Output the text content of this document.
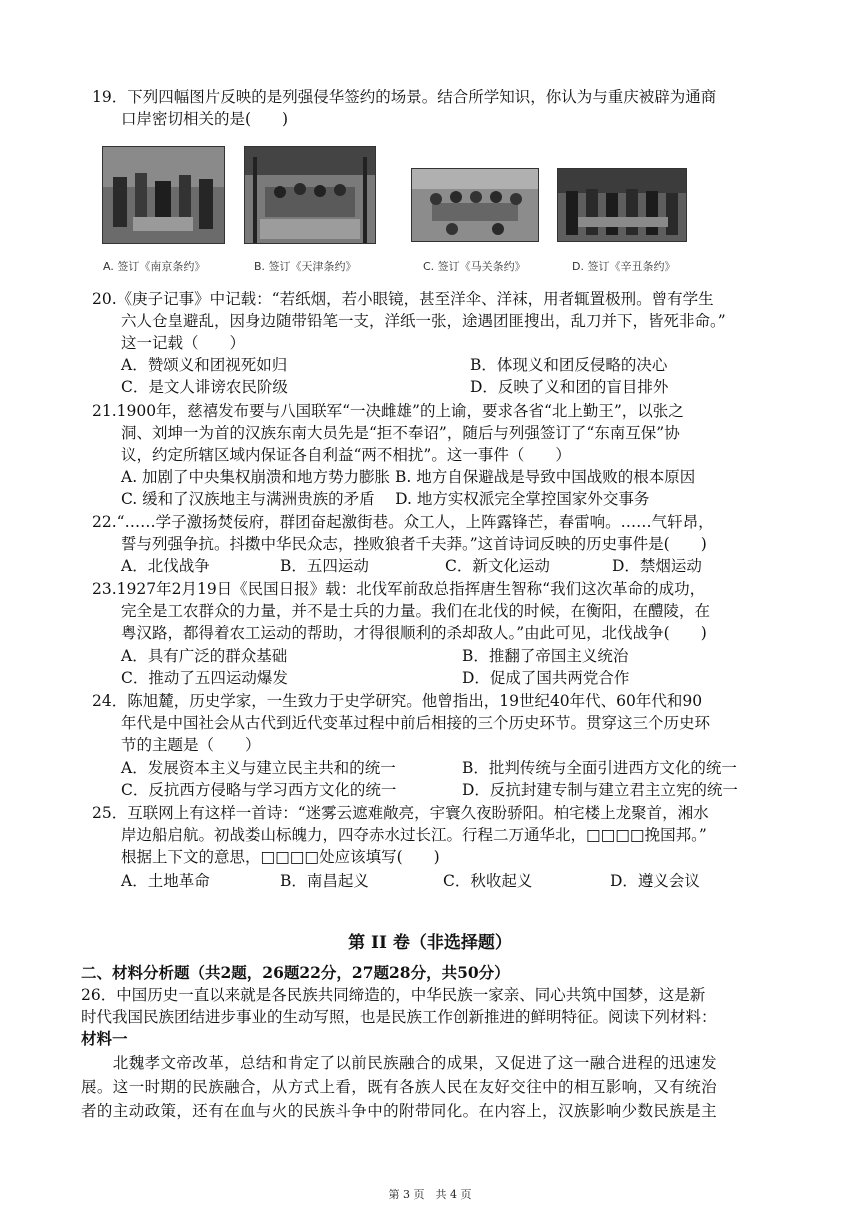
19．下列四幅图片反映的是列强侵华签约的场景。结合所学知识，你认为与重庆被辟为通商
口岸密切相关的是(　　)
A. 签订《南京条约》	B. 签订《天津条约》	C. 签订《马关条约》	D. 签订《辛丑条约》
20.《庚子记事》中记载：“若纸烟，若小眼镜，甚至洋伞、洋袜，用者辄置极刑。曾有学生
六人仓皇避乱，因身边随带铅笔一支，洋纸一张，途遇团匪搜出，乱刀并下，皆死非命。”
这一记载（　　）
A．赞颂义和团视死如归	B．体现义和团反侵略的决心
C．是文人诽谤农民阶级	D．反映了义和团的盲目排外
21.1900年，慈禧发布要与八国联军“一决雌雄”的上谕，要求各省“北上勤王”，以张之
洞、刘坤一为首的汉族东南大员先是“拒不奉诏”，随后与列强签订了“东南互保”协
议，约定所辖区域内保证各自利益“两不相扰”。这一事件（　　）
A. 加剧了中央集权崩溃和地方势力膨胀 B. 地方自保避战是导致中国战败的根本原因
C. 缓和了汉族地主与满洲贵族的矛盾　 D. 地方实权派完全掌控国家外交事务
22.“……学子激扬焚佞府，群团奋起激街巷。众工人，上阵露锋芒，春雷响。……气轩昂，
誓与列强争抗。抖擞中华民众志，挫败狼者千夫莽。”这首诗词反映的历史事件是(　　)
A．北伐战争	B．五四运动	C．新文化运动	D．禁烟运动
23.1927年2月19日《民国日报》载：北伐军前敌总指挥唐生智称“我们这次革命的成功，
完全是工农群众的力量，并不是士兵的力量。我们在北伐的时候，在衡阳，在醴陵，在
粤汉路，都得着农工运动的帮助，才得很顺利的杀却敌人。”由此可见，北伐战争(　　)
A．具有广泛的群众基础	B．推翻了帝国主义统治
C．推动了五四运动爆发	D．促成了国共两党合作
24．陈旭麓，历史学家，一生致力于史学研究。他曾指出，19世纪40年代、60年代和90
年代是中国社会从古代到近代变革过程中前后相接的三个历史环节。贯穿这三个历史环
节的主题是（　　）
A．发展资本主义与建立民主共和的统一	B．批判传统与全面引进西方文化的统一
C．反抗西方侵略与学习西方文化的统一	D．反抗封建专制与建立君主立宪的统一
25．互联网上有这样一首诗：“迷雾云遮难敞亮，宇寰久夜盼骄阳。柏宅楼上龙聚首，湘水
岸边船启航。初战娄山标魄力，四夺赤水过长江。行程二万通华北，□□□□挽国邦。”
根据上下文的意思，□□□□处应该填写(　　)
A．土地革命	B．南昌起义	C．秋收起义	D．遵义会议
第 II 卷（非选择题）
二、材料分析题（共2题，26题22分，27题28分，共50分）
26．中国历史一直以来就是各民族共同缔造的，中华民族一家亲、同心共筑中国梦，这是新
时代我国民族团结进步事业的生动写照，也是民族工作创新推进的鲜明特征。阅读下列材料：
材料一
　　北魏孝文帝改革，总结和肯定了以前民族融合的成果，又促进了这一融合进程的迅速发
展。这一时期的民族融合，从方式上看，既有各族人民在友好交往中的相互影响，又有统治
者的主动政策，还有在血与火的民族斗争中的附带同化。在内容上，汉族影响少数民族是主
第 3 页　共 4 页
